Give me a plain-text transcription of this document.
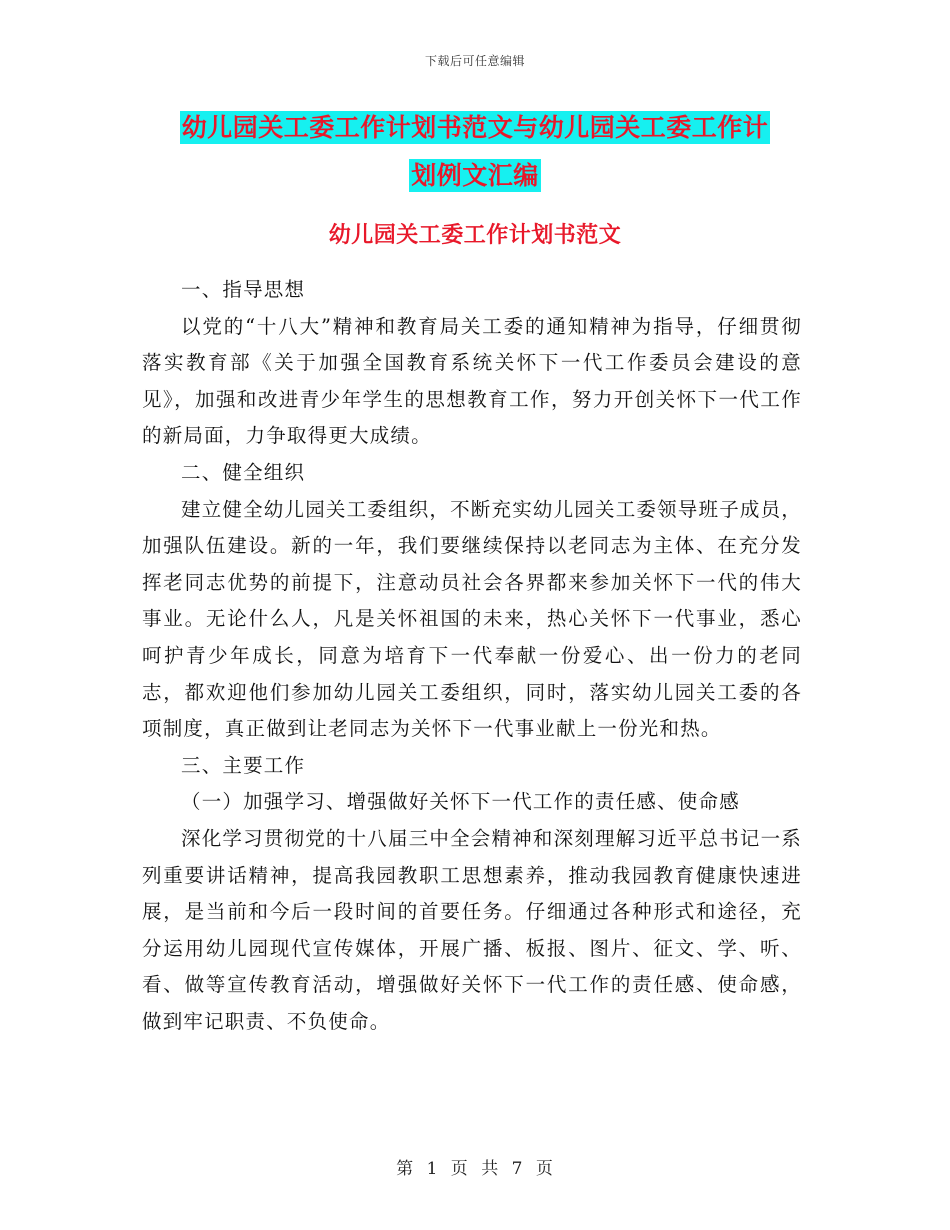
下载后可任意编辑
幼儿园关工委工作计划书范文与幼儿园关工委工作计
划例文汇编
幼儿园关工委工作计划书范文

一、指导思想

以党的“十八大”精神和教育局关工委的通知精神为指导，仔细贯彻落实教育部《关于加强全国教育系统关怀下一代工作委员会建设的意见》，加强和改进青少年学生的思想教育工作，努力开创关怀下一代工作的新局面，力争取得更大成绩。

二、健全组织

建立健全幼儿园关工委组织，不断充实幼儿园关工委领导班子成员，加强队伍建设。新的一年，我们要继续保持以老同志为主体、在充分发挥老同志优势的前提下，注意动员社会各界都来参加关怀下一代的伟大事业。无论什么人，凡是关怀祖国的未来，热心关怀下一代事业，悉心呵护青少年成长，同意为培育下一代奉献一份爱心、出一份力的老同志，都欢迎他们参加幼儿园关工委组织，同时，落实幼儿园关工委的各项制度，真正做到让老同志为关怀下一代事业献上一份光和热。

三、主要工作

（一）加强学习、增强做好关怀下一代工作的责任感、使命感

深化学习贯彻党的十八届三中全会精神和深刻理解习近平总书记一系列重要讲话精神，提高我园教职工思想素养，推动我园教育健康快速进展，是当前和今后一段时间的首要任务。仔细通过各种形式和途径，充分运用幼儿园现代宣传媒体，开展广播、板报、图片、征文、学、听、看、做等宣传教育活动，增强做好关怀下一代工作的责任感、使命感，做到牢记职责、不负使命。

第 1 页 共 7 页
